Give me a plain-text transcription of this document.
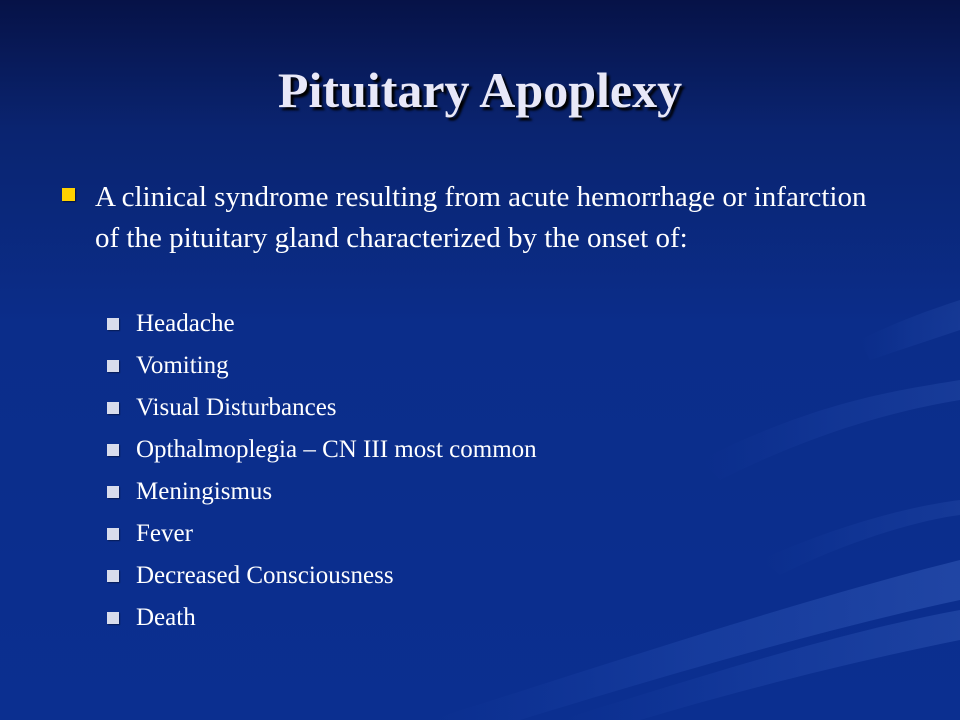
Pituitary Apoplexy
A clinical syndrome resulting from acute hemorrhage or infarction of the pituitary gland characterized by the onset of:
Headache
Vomiting
Visual Disturbances
Opthalmoplegia – CN III most common
Meningismus
Fever
Decreased Consciousness
Death
